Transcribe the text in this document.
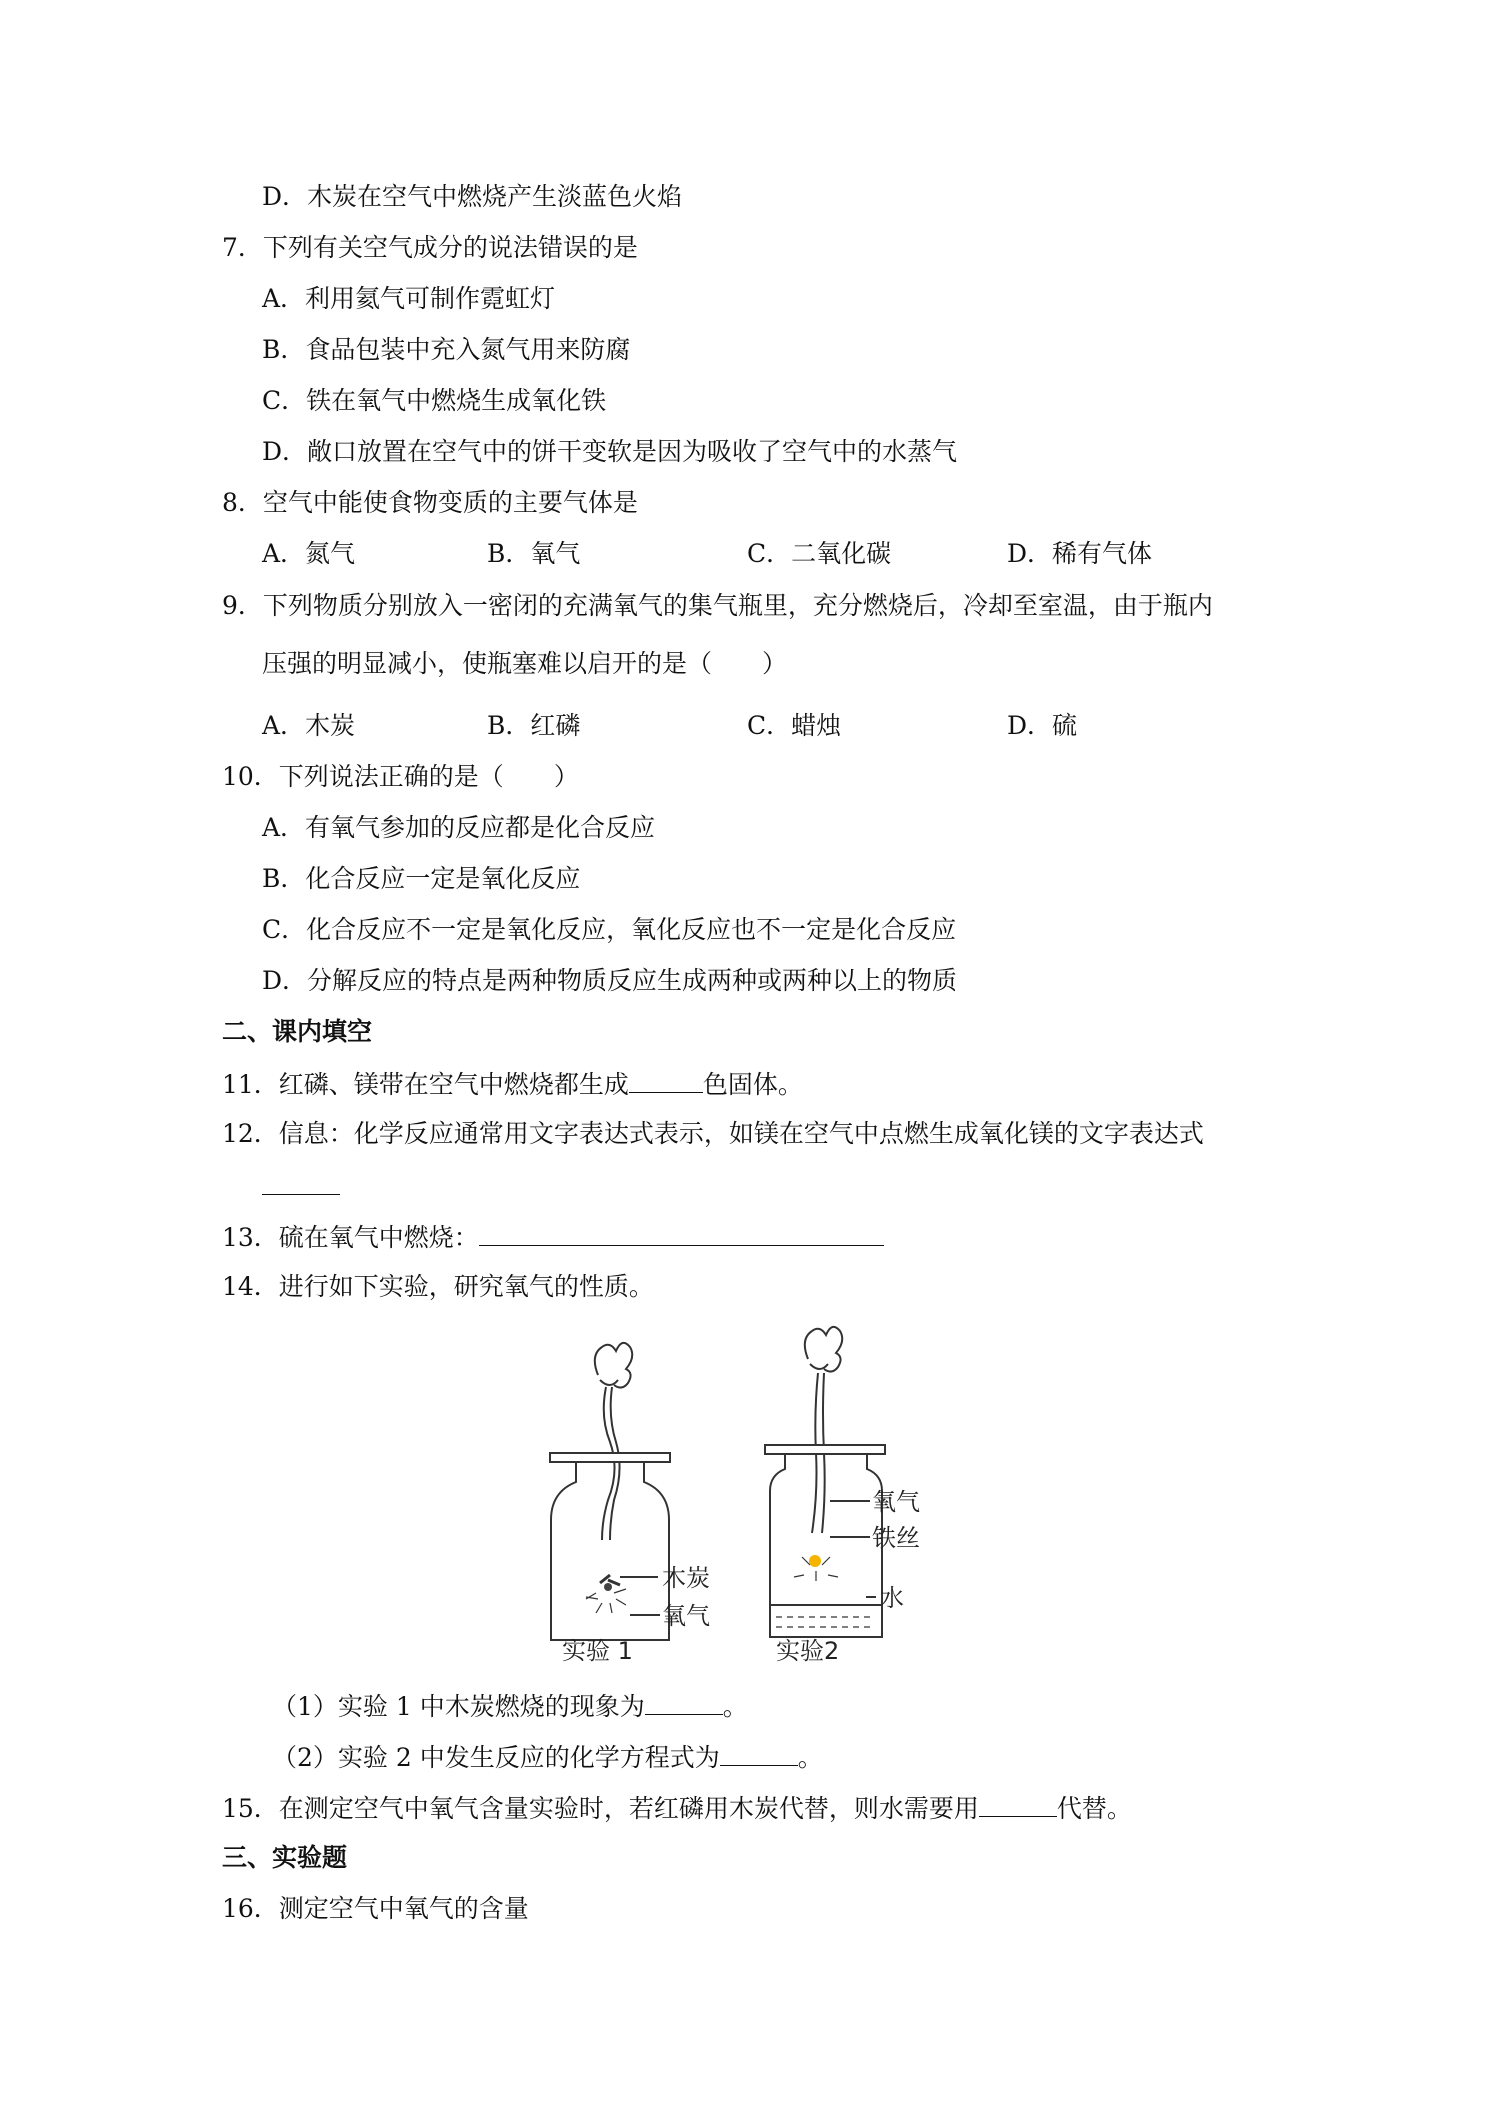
D．木炭在空气中燃烧产生淡蓝色火焰
7．下列有关空气成分的说法错误的是
A．利用氦气可制作霓虹灯
B．食品包装中充入氮气用来防腐
C．铁在氧气中燃烧生成氧化铁
D．敞口放置在空气中的饼干变软是因为吸收了空气中的水蒸气
8．空气中能使食物变质的主要气体是
A．氮气	B．氧气	C．二氧化碳	D．稀有气体
9．下列物质分别放入一密闭的充满氧气的集气瓶里，充分燃烧后，冷却至室温，由于瓶内
压强的明显减小，使瓶塞难以启开的是（　　）
A．木炭	B．红磷	C．蜡烛	D．硫
10．下列说法正确的是（　　）
A．有氧气参加的反应都是化合反应
B．化合反应一定是氧化反应
C．化合反应不一定是氧化反应，氧化反应也不一定是化合反应
D．分解反应的特点是两种物质反应生成两种或两种以上的物质
二、课内填空
11．红磷、镁带在空气中燃烧都生成	色固体。
12．信息：化学反应通常用文字表达式表示，如镁在空气中点燃生成氧化镁的文字表达式
13．硫在氧气中燃烧：
14．进行如下实验，研究氧气的性质。
木炭
氧气
实验 1
氧气
铁丝
水
实验2
（1）实验 1 中木炭燃烧的现象为	。
（2）实验 2 中发生反应的化学方程式为	。
15．在测定空气中氧气含量实验时，若红磷用木炭代替，则水需要用	代替。
三、实验题
16．测定空气中氧气的含量
